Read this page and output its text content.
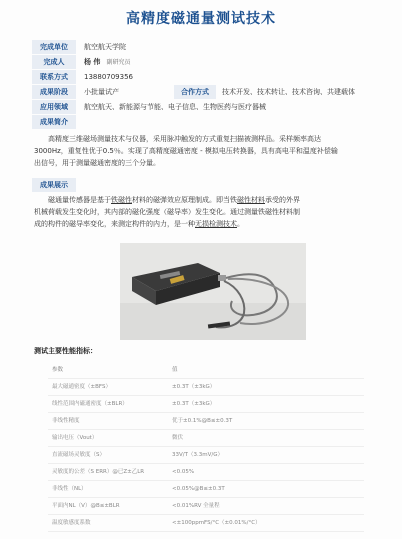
高精度磁通量测试技术
完成单位	航空航天学院
完成人	杨 伟 副研究员
联系方式	13880709356
成果阶段	小批量试产	合作方式	技术开发、技术转让、技术咨询、共建载体
应用领域	航空航天、新能源与节能、电子信息、生物医药与医疗器械
成果简介
高精度三维磁场测量技术与仪器，采用脉冲触发的方式重复扫描被测样品。采样频率高达
3000Hz，重复性优于0.5％。实现了高精度磁通密度 - 模拟电压转换器，具有高电平和温度补偿输
出信号，用于测量磁通密度的三个分量。
成果展示
磁通量传感器是基于铁磁性材料的磁弹效应原理制成。即当铁磁性材料承受的外界
机械荷载发生变化时，其内部的磁化强度（磁导率）发生变化。通过测量铁磁性材料制
成的构件的磁导率变化，来测定构件的内力，是一种无损检测技术。
测试主要性能指标：
参数	值
最大磁通密度（±BFS）	±0.3T（±3kG）
线性范围内磁通密度（±BLR）	±0.3T（±3kG）
非线性精度	优于±0.1%@B≤±0.3T
输出电压（Vout）	微伏
直流磁场灵敏度（S）	33V/T（3.3mV/G）
灵敏度的公差（S ERR）@已Z±乙LR	<0.05%
非线性（NL）	<0.05%@B≤±0.3T
平面内NL（V）@B≤±BLR	<0.01%RV 全量程
温度敏感度系数	<±100ppmFS/°C（±0.01%/°C）
